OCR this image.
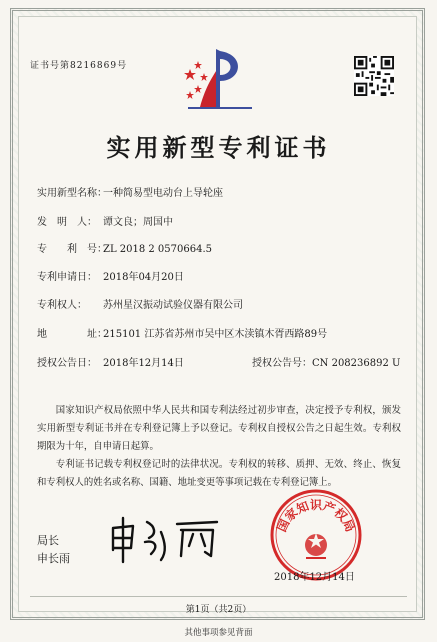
证书号第8216869号
实用新型专利证书
实用新型名称：一种简易型电动台上导轮座
发　明　人： 谭文良；周国中
专　　利　号：ZL 2018 2 0570664.5
专利申请日： 2018年04月20日
专利权人： 苏州星汉振动试验仪器有限公司
地　　　　址：215101 江苏省苏州市吴中区木渎镇木胥西路89号
授权公告日： 2018年12月14日	授权公告号：CN 208236892 U

国家知识产权局依照中华人民共和国专利法经过初步审查，决定授予专利权，颁发实用新型专利证书并在专利登记簿上予以登记。专利权自授权公告之日起生效。专利权期限为十年，自申请日起算。

专利证书记载专利权登记时的法律状况。专利权的转移、质押、无效、终止、恢复和专利权人的姓名或名称、国籍、地址变更等事项记载在专利登记簿上。

局长
申长雨
国家知识产权局
2018年12月14日
第1页（共2页）
其他事项参见背面
